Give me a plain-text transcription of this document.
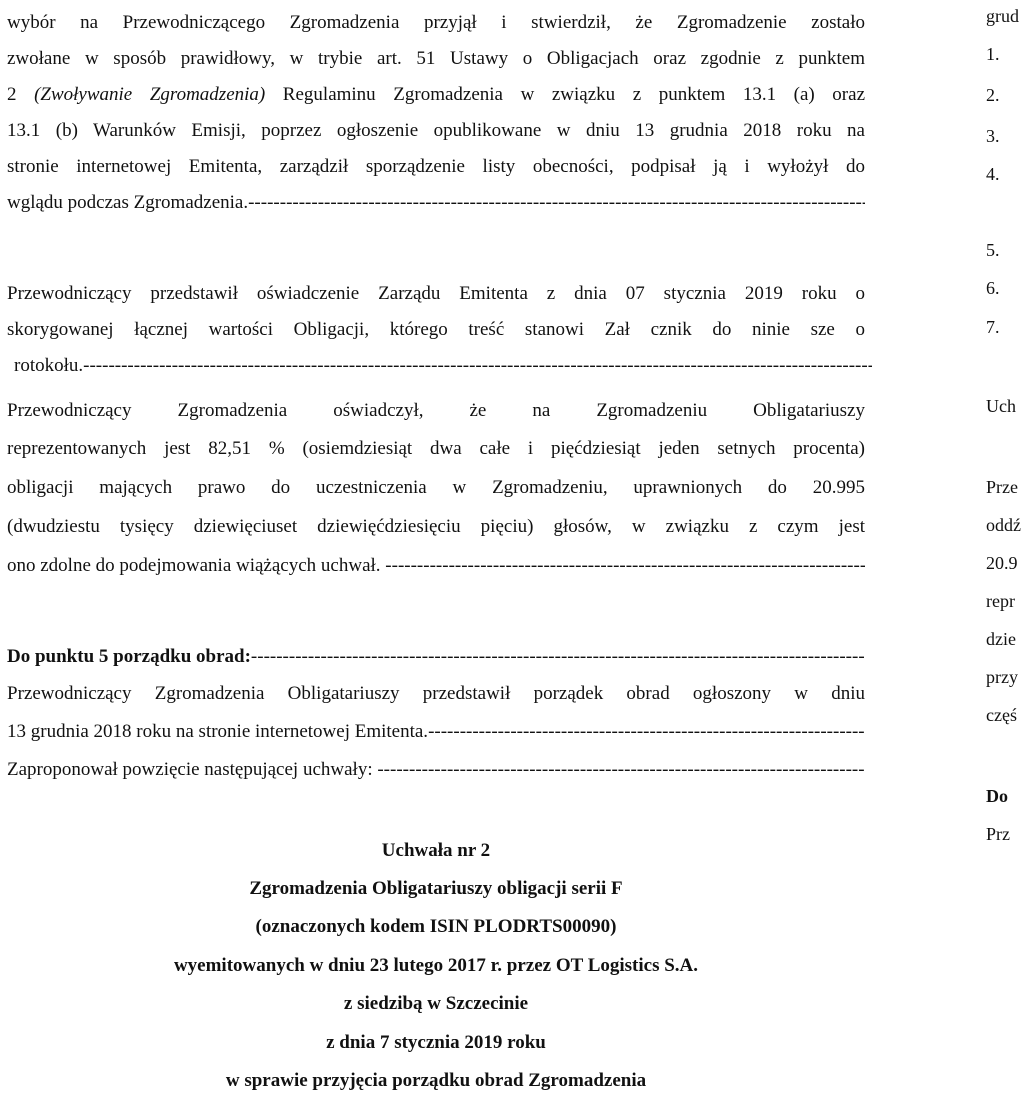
wybór na Przewodniczącego Zgromadzenia przyjął i stwierdził, że Zgromadzenie zostało
zwołane w sposób prawidłowy, w trybie art. 51 Ustawy o Obligacjach oraz zgodnie z punktem
2 (Zwoływanie Zgromadzenia) Regulaminu Zgromadzenia w związku z punktem 13.1 (a) oraz
13.1 (b) Warunków Emisji, poprzez ogłoszenie opublikowane w dniu 13 grudnia 2018 roku na
stronie internetowej Emitenta, zarządził sporządzenie listy obecności, podpisał ją i wyłożył do
wglądu podczas Zgromadzenia. -----
Przewodniczący przedstawił oświadczenie Zarządu Emitenta z dnia 07 stycznia 2019 roku o
skorygowanej łącznej wartości Obligacji, którego treść stanowi Zał cznik do ninie sze o
rotokołu. -----
Przewodniczący Zgromadzenia oświadczył, że na Zgromadzeniu Obligatariuszy
reprezentowanych jest 82,51 % (osiemdziesiąt dwa całe i pięćdziesiąt jeden setnych procenta)
obligacji mających prawo do uczestniczenia w Zgromadzeniu, uprawnionych do 20.995
(dwudziestu tysięcy dziewięciuset dziewięćdziesięciu pięciu) głosów, w związku z czym jest
ono zdolne do podejmowania wiążących uchwał. -----
Do punktu 5 porządku obrad: -----
Przewodniczący Zgromadzenia Obligatariuszy przedstawił porządek obrad ogłoszony w dniu
13 grudnia 2018 roku na stronie internetowej Emitenta. -----
Zaproponował powzięcie następującej uchwały: -----
Uchwała nr 2
Zgromadzenia Obligatariuszy obligacji serii F
(oznaczonych kodem ISIN PLODRTS00090)
wyemitowanych w dniu 23 lutego 2017 r. przez OT Logistics S.A.
z siedzibą w Szczecinie
z dnia 7 stycznia 2019 roku
w sprawie przyjęcia porządku obrad Zgromadzenia
grud
1.
2.
3.
4.
5.
6.
7.
Uch
Prze
oddź
20.9
repr
dzie
przy
częś
Do
Prz
